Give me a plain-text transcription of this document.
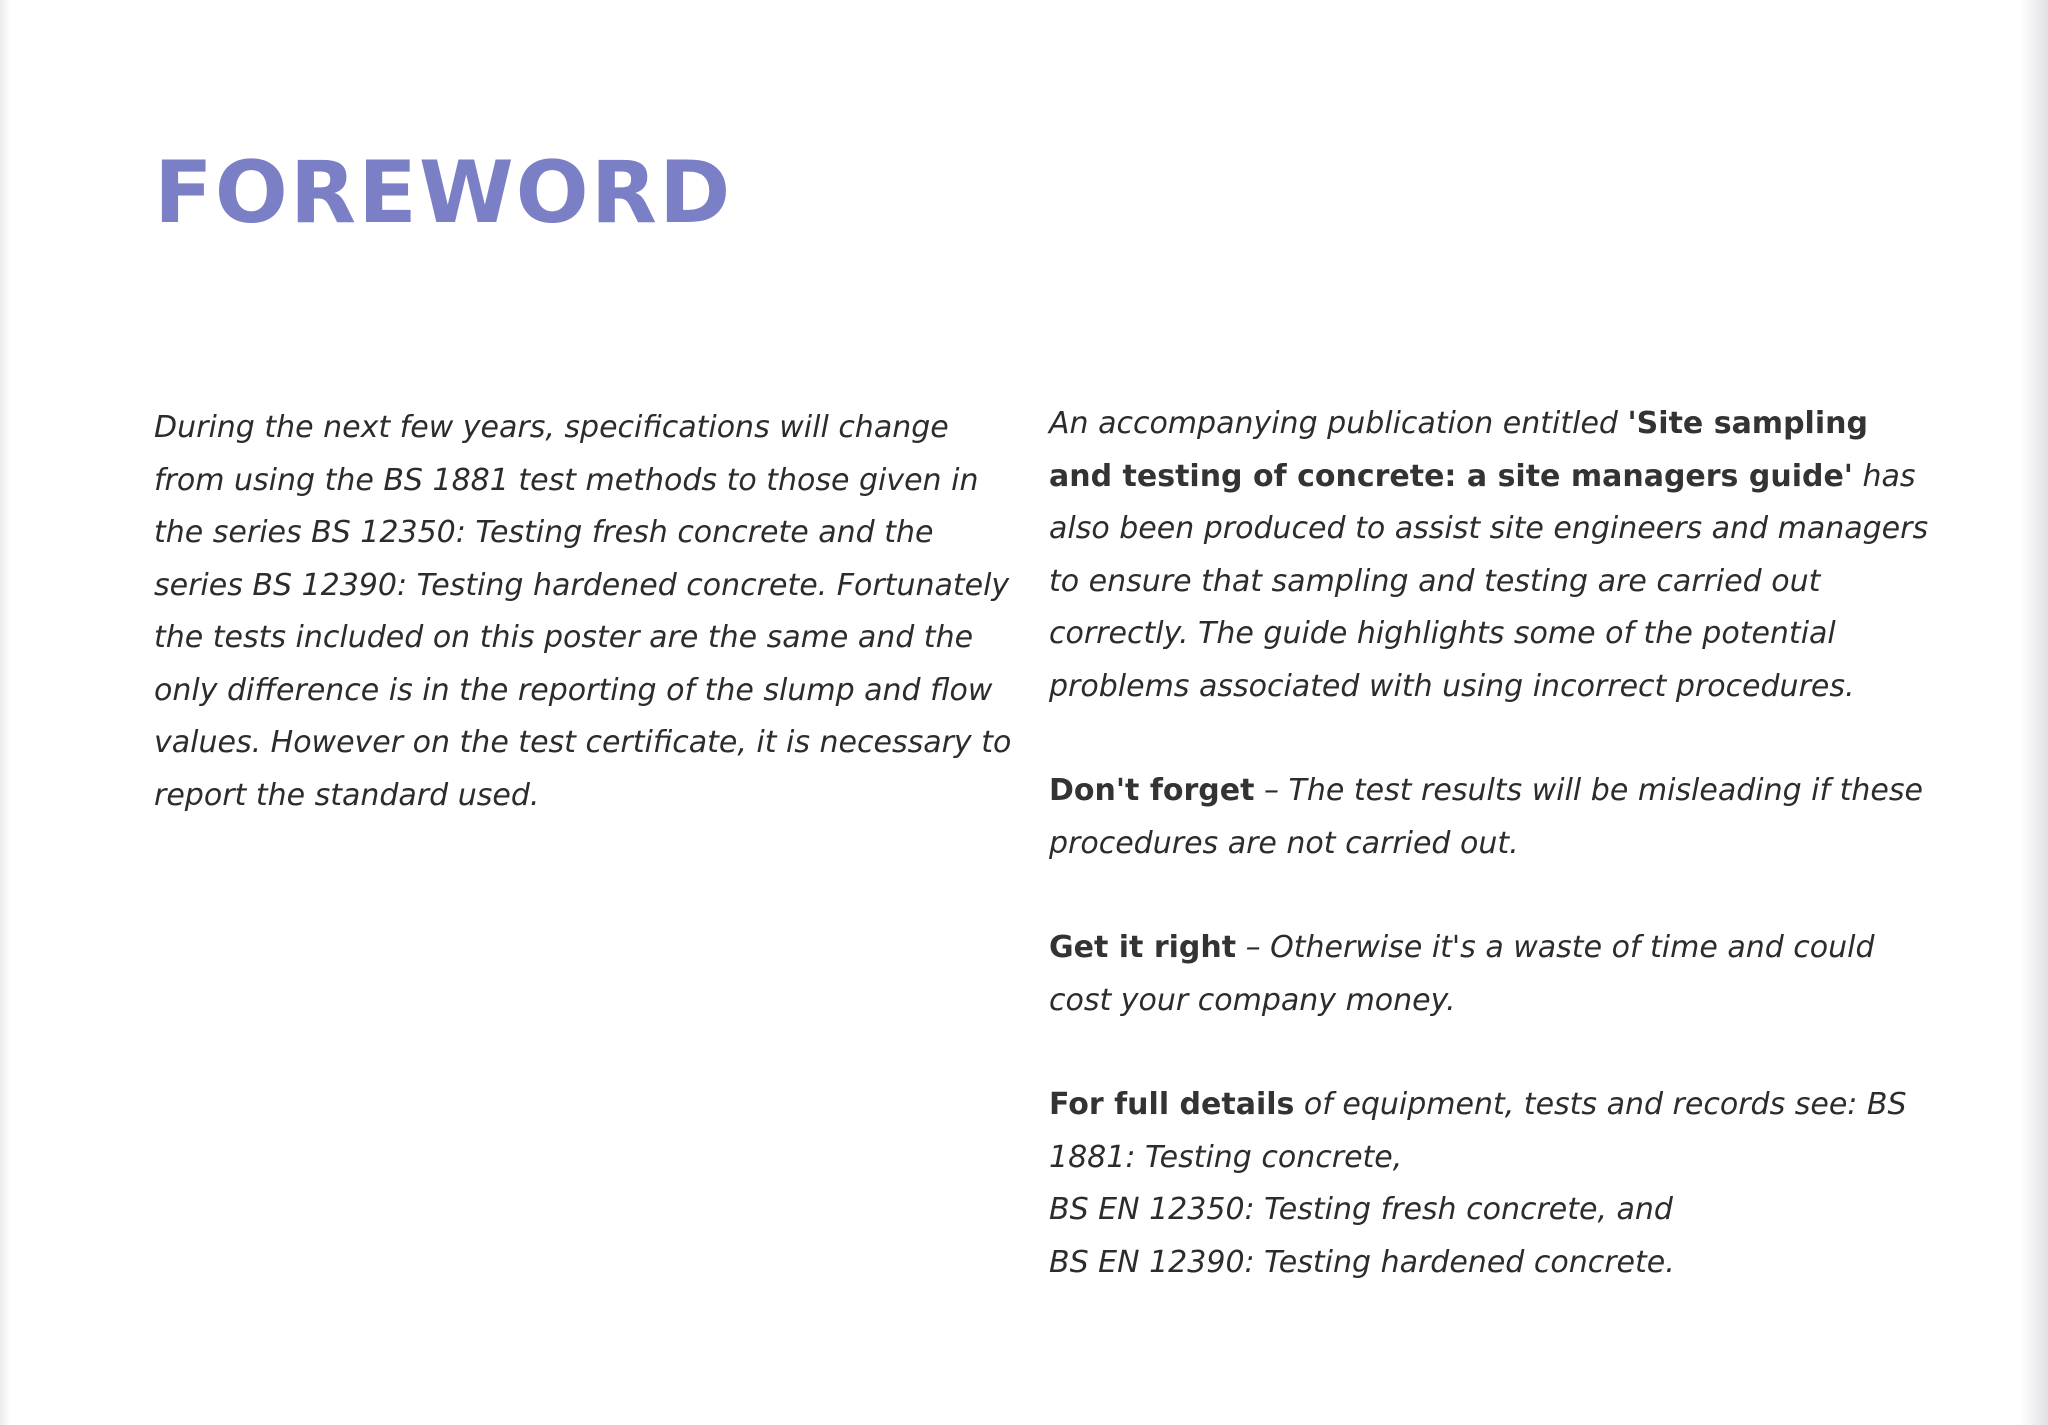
FOREWORD

During the next few years, specifications will change from using the BS 1881 test methods to those given in the series BS 12350: Testing fresh concrete and the series BS 12390: Testing hardened concrete. Fortunately the tests included on this poster are the same and the only difference is in the reporting of the slump and flow values. However on the test certificate, it is necessary to report the standard used.

An accompanying publication entitled 'Site sampling and testing of concrete: a site managers guide' has also been produced to assist site engineers and managers to ensure that sampling and testing are carried out correctly. The guide highlights some of the potential problems associated with using incorrect procedures.

Don't forget – The test results will be misleading if these procedures are not carried out.

Get it right – Otherwise it's a waste of time and could cost your company money.

For full details of equipment, tests and records see: BS 1881: Testing concrete,
BS EN 12350: Testing fresh concrete, and
BS EN 12390: Testing hardened concrete.
